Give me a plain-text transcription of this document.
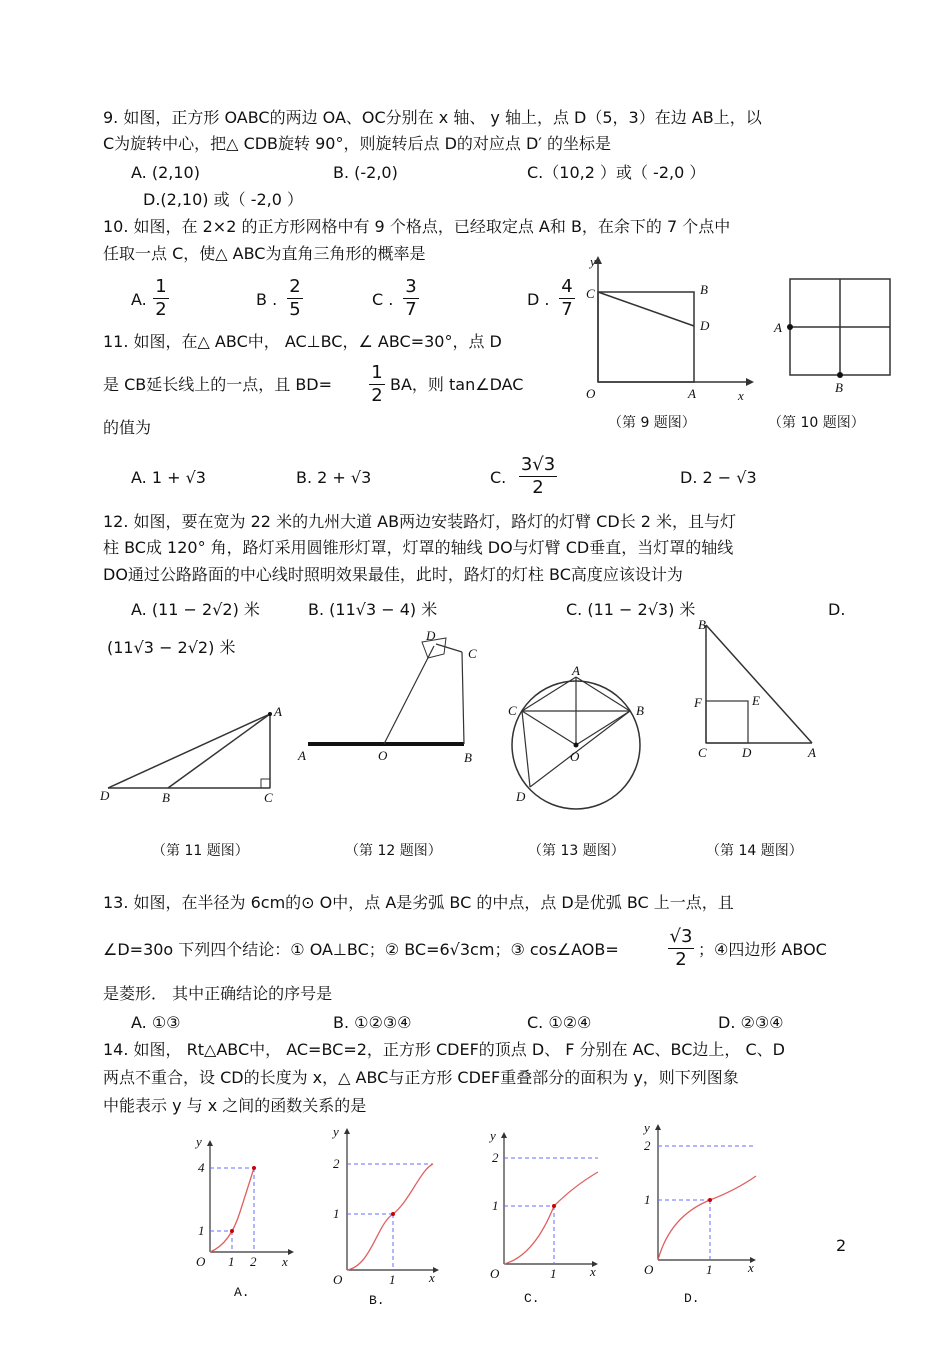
9. 如图，正方形 OABC的两边 OA、OC分别在 x 轴、 y 轴上，点 D（5，3）在边 AB上，以
C为旋转中心，把△ CDB旋转 90°，则旋转后点 D的对应点 D′ 的坐标是
A. (2,10)	B. (-2,0)	C.（10,2 ）或（ -2,0 ）
D.(2,10) 或（ -2,0 ）
10. 如图，在 2×2 的正方形网格中有 9 个格点，已经取定点 A和 B，在余下的 7 个点中
任取一点 C，使△ ABC为直角三角形的概率是
A.
1
2	B .
2
5	C .
3
7	D .
4
7
y
C	B
D
O	A	x
（第 9 题图）
A
B
（第 10 题图）
11. 如图，在△ ABC中， AC⊥BC，∠ ABC=30°，点 D
是 CB延长线上的一点，且 BD=
1
2
BA，则 tan∠DAC
的值为
A. 1 + √3	B. 2 + √3	C.
3√3
2	D. 2 − √3
12. 如图，要在宽为 22 米的九州大道 AB两边安装路灯，路灯的灯臂 CD长 2 米，且与灯
柱 BC成 120° 角，路灯采用圆锥形灯罩，灯罩的轴线 DO与灯臂 CD垂直，当灯罩的轴线
DO通过公路路面的中心线时照明效果最佳，此时，路灯的灯柱 BC高度应该设计为
A. (11 − 2√2) 米	B. (11√3 − 4) 米	C. (11 − 2√3) 米	D.
(11√3 − 2√2) 米
A
D	B	C
（第 11 题图）
D
C
A	O	B
（第 12 题图）
A
C	B
O
D
（第 13 题图）
B
F	E
C	D	A
（第 14 题图）
13. 如图，在半径为 6cm的⊙ O中，点 A是劣弧 BC 的中点，点 D是优弧 BC 上一点，且
∠D=30o 下列四个结论：① OA⊥BC；② BC=6√3cm；③ cos∠AOB=
√3
2 ；④四边形 ABOC
是菱形． 其中正确结论的序号是
A. ①③	B. ①②③④	C. ①②④	D. ②③④
14. 如图， Rt△ABC中， AC=BC=2，正方形 CDEF的顶点 D、 F 分别在 AC、BC边上， C、D
两点不重合，设 CD的长度为 x，△ ABC与正方形 CDEF重叠部分的面积为 y，则下列图象
中能表示 y 与 x 之间的函数关系的是
y
4
1
O 1 2 x
A.
y
2
1
O	1	x
B.
y
2
1
O	1	x
C.
y
2
1
O	1	x
D.
2
